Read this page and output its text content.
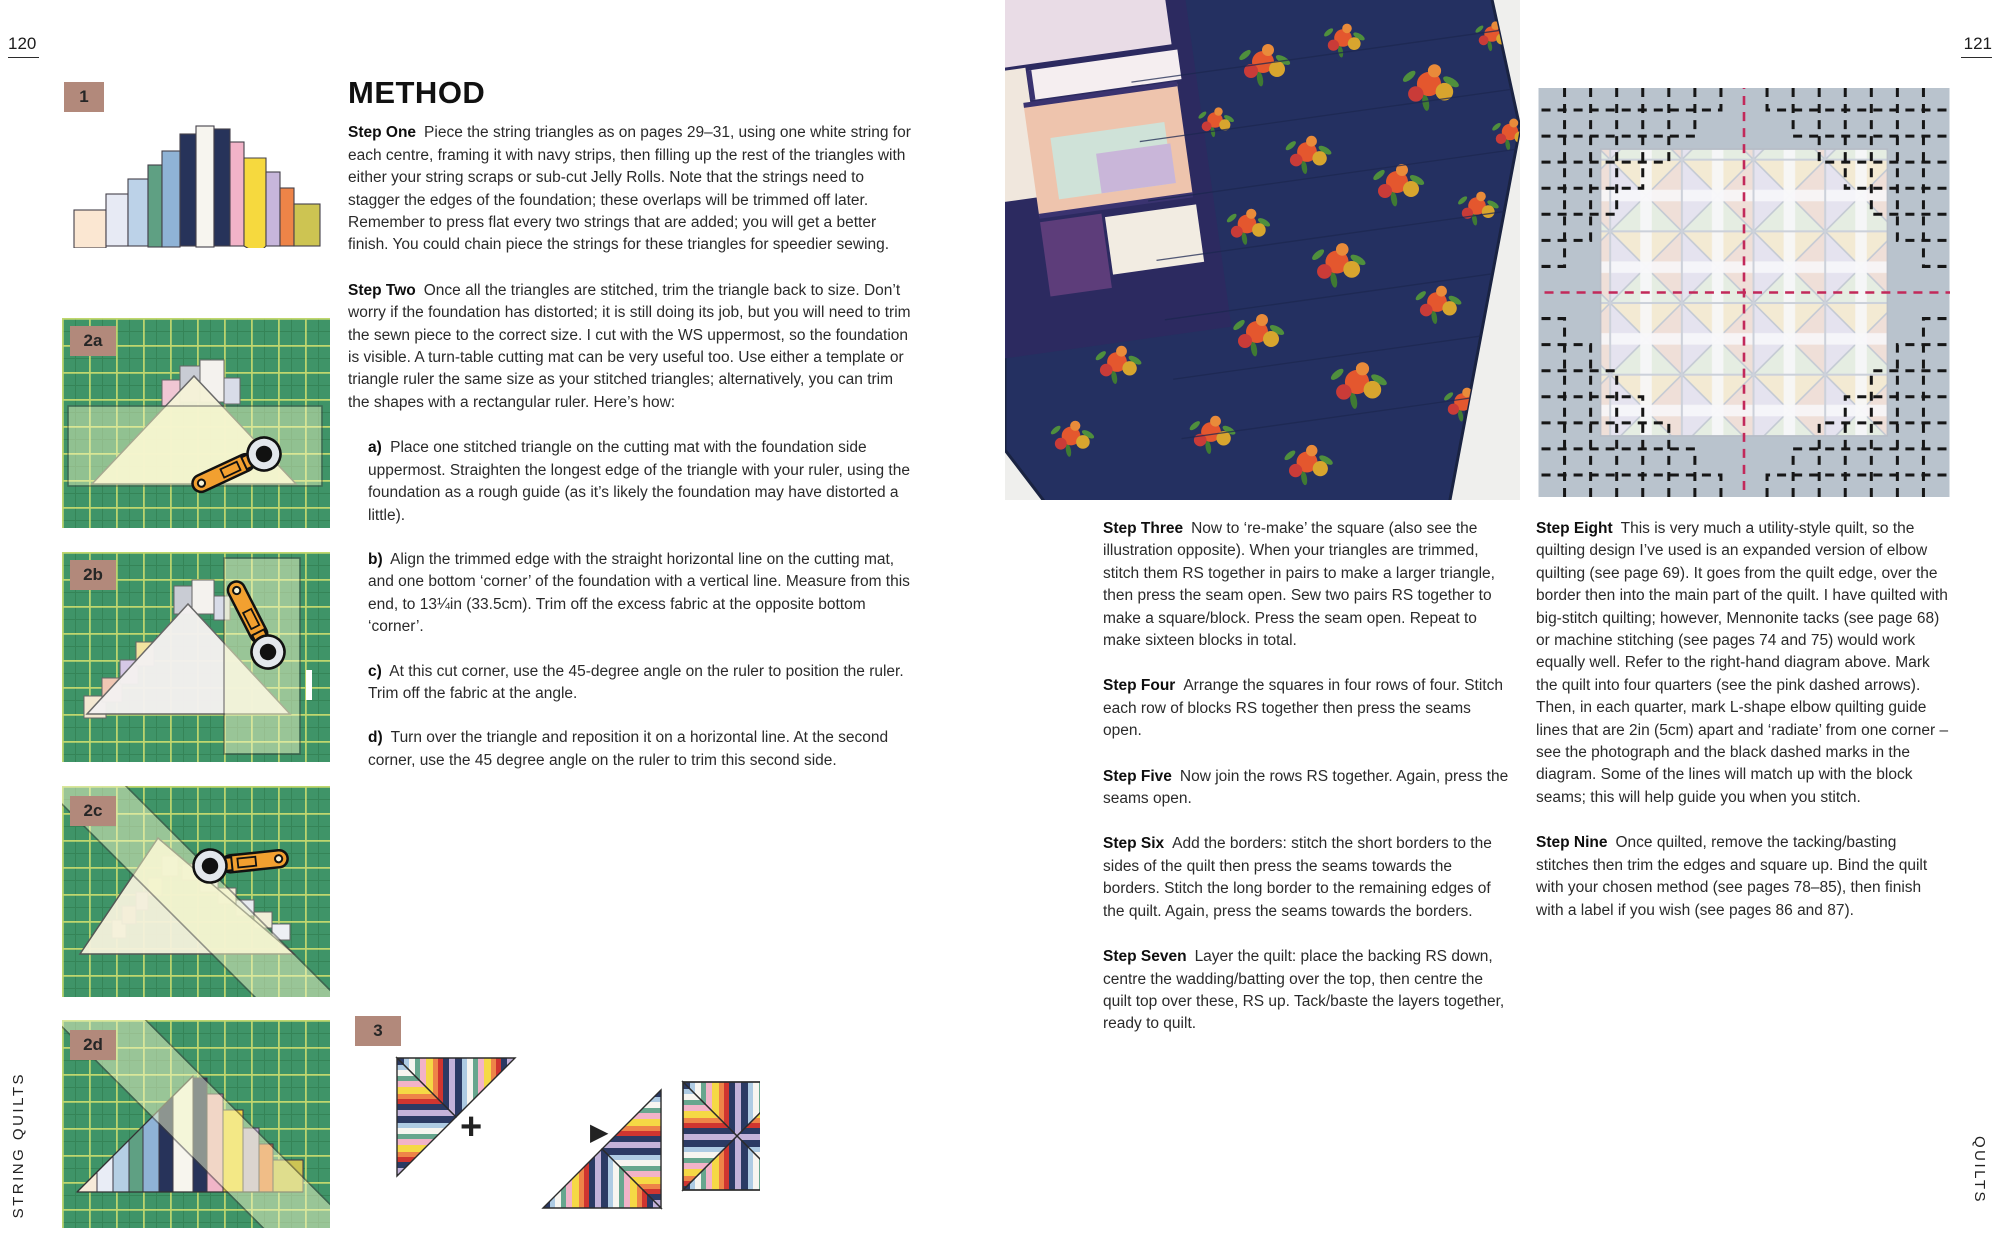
120	121
STRING QUILTS	QUILTS
1
2a
2b
2c
2d
METHOD

Step One Piece the string triangles as on pages 29–31, using one white string for each centre, framing it with navy strips, then filling up the rest of the triangles with either your string scraps or sub-cut Jelly Rolls. Note that the strings need to stagger the edges of the foundation; these overlaps will be trimmed off later. Remember to press flat every two strings that are added; you will get a better finish. You could chain piece the strings for these triangles for speedier sewing.

Step Two Once all the triangles are stitched, trim the triangle back to size. Don’t worry if the foundation has distorted; it is still doing its job, but you will need to trim the sewn piece to the correct size. I cut with the WS uppermost, so the foundation is visible. A turn-table cutting mat can be very useful too. Use either a template or triangle ruler the same size as your stitched triangles; alternatively, you can trim the shapes with a rectangular ruler. Here’s how:

a) Place one stitched triangle on the cutting mat with the foundation side uppermost. Straighten the longest edge of the triangle with your ruler, using the foundation as a rough guide (as it’s likely the foundation may have distorted a little).

b) Align the trimmed edge with the straight horizontal line on the cutting mat, and one bottom ‘corner’ of the foundation with a vertical line. Measure from this end, to 13¼in (33.5cm). Trim off the excess fabric at the opposite bottom ‘corner’.

c) At this cut corner, use the 45-degree angle on the ruler to position the ruler. Trim off the fabric at the angle.

d) Turn over the triangle and reposition it on a horizontal line. At the second corner, use the 45 degree angle on the ruler to trim this second side.

3
+	▶

Step Three Now to ‘re-make’ the square (also see the illustration opposite). When your triangles are trimmed, stitch them RS together in pairs to make a larger triangle, then press the seam open. Sew two pairs RS together to make a square/block. Press the seam open. Repeat to make sixteen blocks in total.

Step Four Arrange the squares in four rows of four. Stitch each row of blocks RS together then press the seams open.

Step Five Now join the rows RS together. Again, press the seams open.

Step Six Add the borders: stitch the short borders to the sides of the quilt then press the seams towards the borders. Stitch the long border to the remaining edges of the quilt. Again, press the seams towards the borders.

Step Seven Layer the quilt: place the backing RS down, centre the wadding/batting over the top, then centre the quilt top over these, RS up. Tack/baste the layers together, ready to quilt.

Step Eight This is very much a utility-style quilt, so the quilting design I’ve used is an expanded version of elbow quilting (see page 69). It goes from the quilt edge, over the border then into the main part of the quilt. I have quilted with big-stitch quilting; however, Mennonite tacks (see page 68) or machine stitching (see pages 74 and 75) would work equally well. Refer to the right-hand diagram above. Mark the quilt into four quarters (see the pink dashed arrows). Then, in each quarter, mark L-shape elbow quilting guide lines that are 2in (5cm) apart and ‘radiate’ from one corner – see the photograph and the black dashed marks in the diagram. Some of the lines will match up with the block seams; this will help guide you when you stitch.

Step Nine Once quilted, remove the tacking/basting stitches then trim the edges and square up. Bind the quilt with your chosen method (see pages 78–85), then finish with a label if you wish (see pages 86 and 87).
